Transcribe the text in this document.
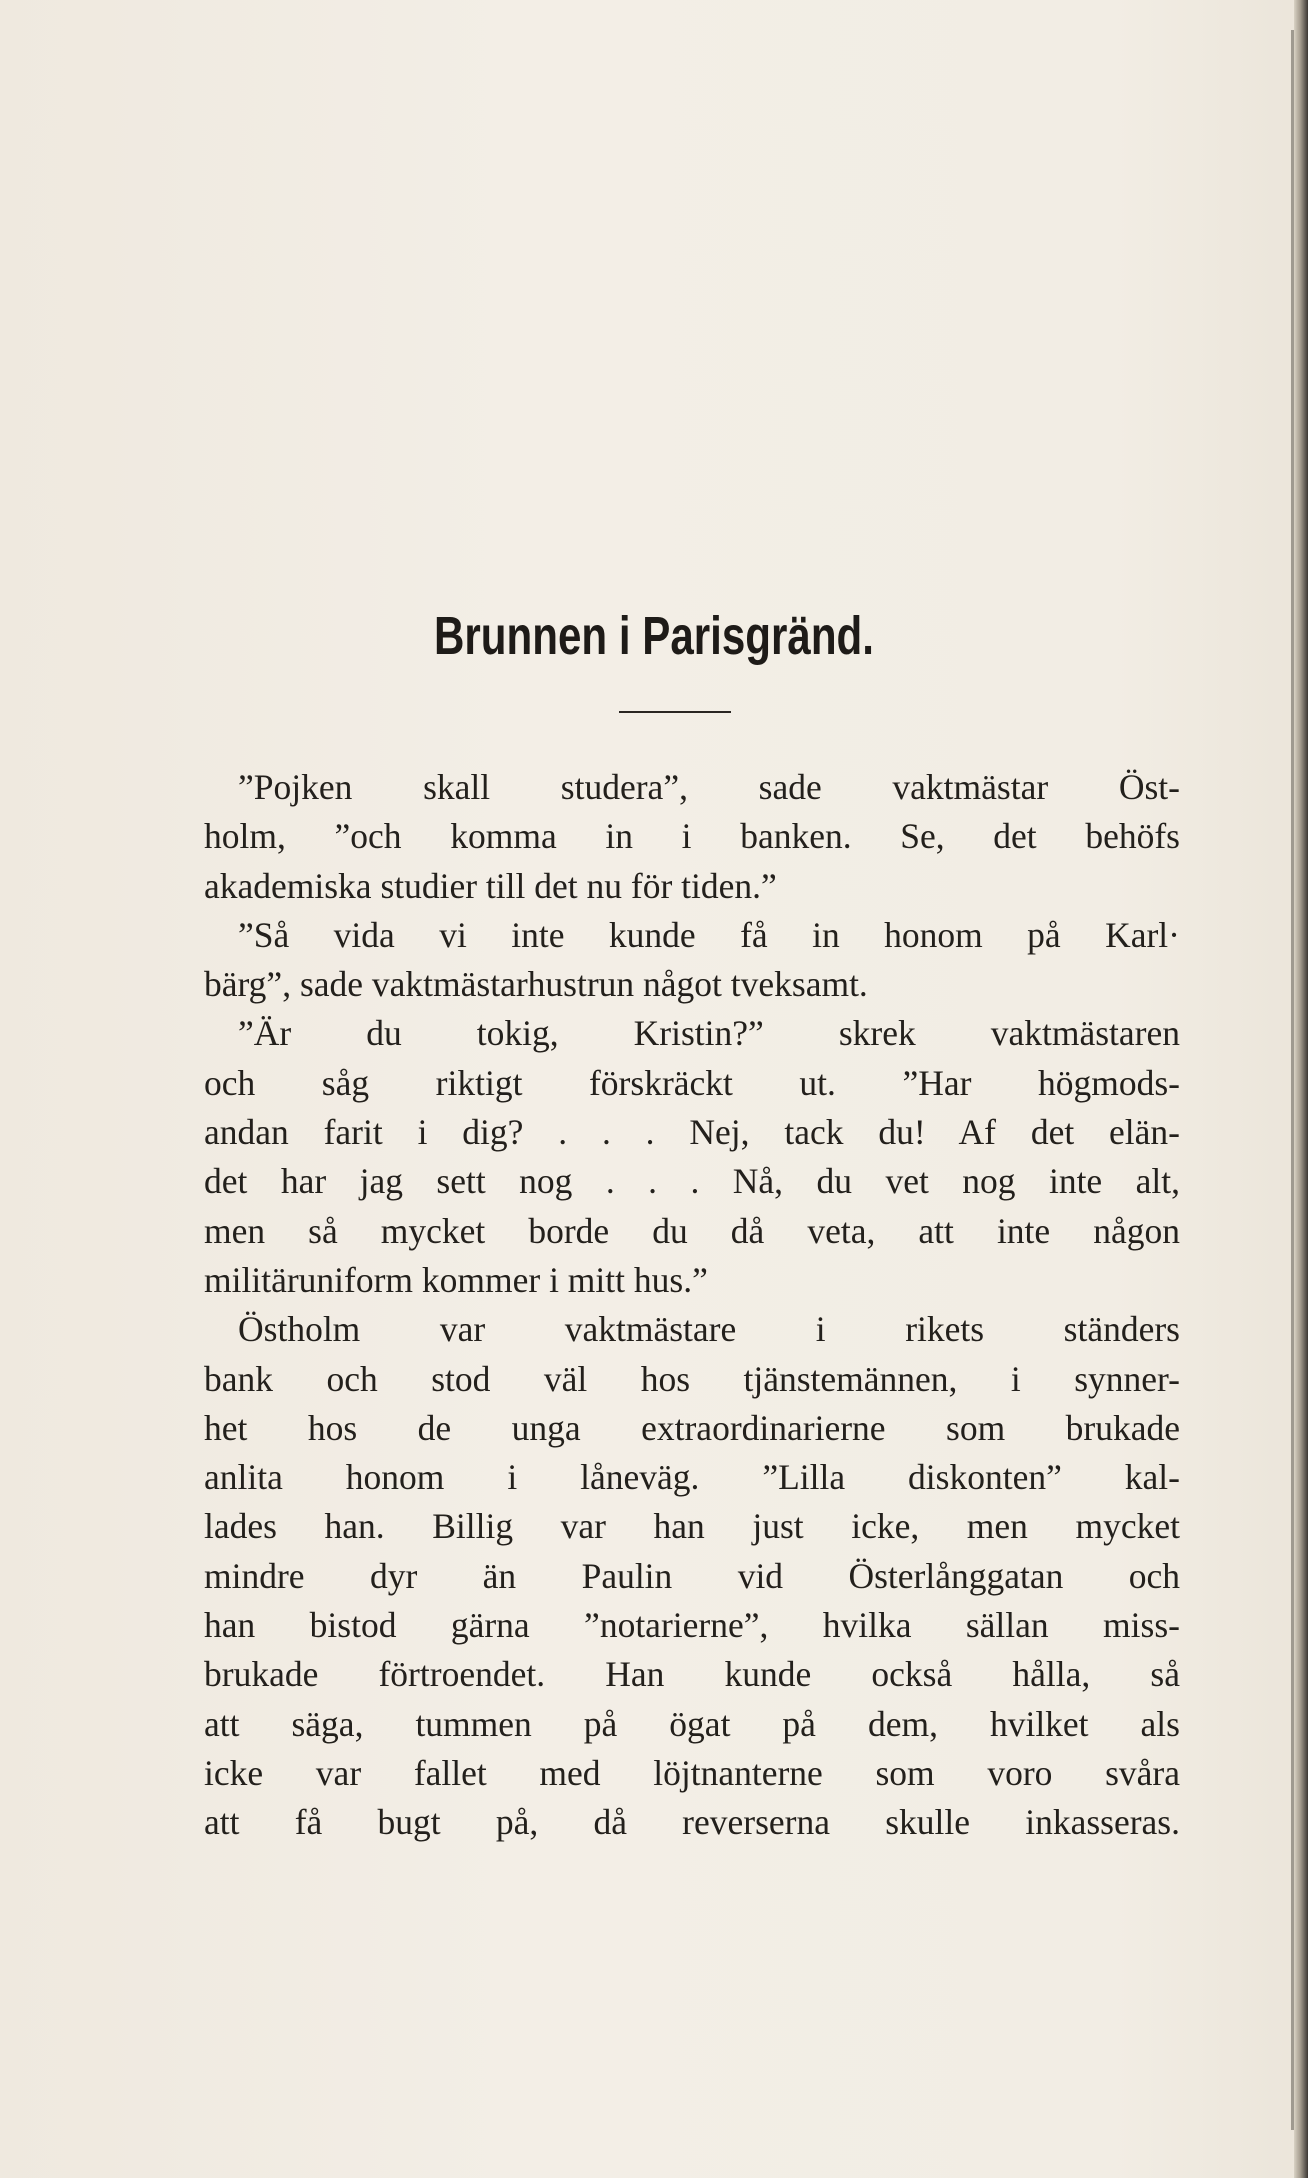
Brunnen i Parisgränd.
”Pojken skall studera”, sade vaktmästar Öst-
holm, ”och komma in i banken. Se, det behöfs
akademiska studier till det nu för tiden.”
”Så vida vi inte kunde få in honom på Karl·
bärg”, sade vaktmästarhustrun något tveksamt.
”Är du tokig, Kristin?” skrek vaktmästaren
och såg riktigt förskräckt ut. ”Har högmods-
andan farit i dig? . . . Nej, tack du! Af det elän-
det har jag sett nog . . . Nå, du vet nog inte alt,
men så mycket borde du då veta, att inte någon
militäruniform kommer i mitt hus.”
Östholm var vaktmästare i rikets ständers
bank och stod väl hos tjänstemännen, i synner-
het hos de unga extraordinarierne som brukade
anlita honom i låneväg. ”Lilla diskonten” kal-
lades han. Billig var han just icke, men mycket
mindre dyr än Paulin vid Österlånggatan och
han bistod gärna ”notarierne”, hvilka sällan miss-
brukade förtroendet. Han kunde också hålla, så
att säga, tummen på ögat på dem, hvilket als
icke var fallet med löjtnanterne som voro svåra
att få bugt på, då reverserna skulle inkasseras.
